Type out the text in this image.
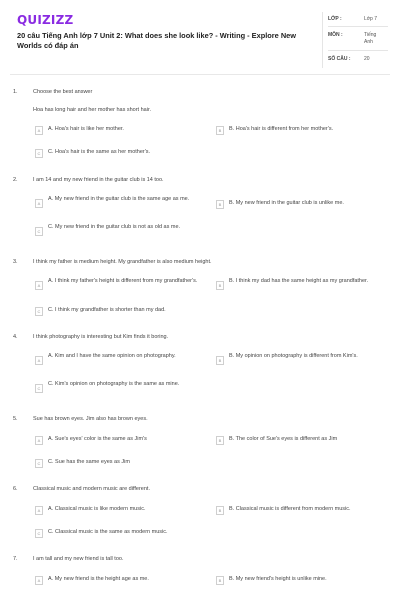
QUIZIZZ
20 câu Tiếng Anh lớp 7 Unit 2: What does she look like? - Writing - Explore New Worlds có đáp án
LỚP :	Lớp 7
MÔN :	Tiếng Anh
SỐ CÂU :	20
1.	Choose the best answer
Hoa has long hair and her mother has short hair.
A	A. Hoa's hair is like her mother.	B	B. Hoa's hair is different from her mother's.
C	C. Hoa's hair is the same as her mother's.
2.	I am 14 and my new friend in the guitar club is 14 too.
A
A. My new friend in the guitar club is the same age as me.
B	B. My new friend in the guitar club is unlike me.
C
C. My new friend in the guitar club is not as old as me.
3.	I think my father is medium height. My grandfather is also medium height.
A
A. I think my father's height is different from my grandfather's.
B
B. I think my dad has the same height as my grandfather.
C	C. I think my grandfather is shorter than my dad.
4.	I think photography is interesting but Kim finds it boring.
A
A. Kim and I have the same opinion on photography.
B
B. My opinion on photography is different from Kim's.
C
C. Kim's opinion on photography is the same as mine.
5.	Sue has brown eyes. Jim also has brown eyes.
A	A. Sue's eyes' color is the same as Jim's	B	B. The color of Sue's eyes is different as Jim
C	C. Sue has the same eyes as Jim
6.	Classical music and modern music are different.
A	A. Classical music is like modern music.	B	B. Classical music is different from modern music.
C	C. Classical music is the same as modern music.
7.	I am tall and my new friend is tall too.
A	A. My new friend is the height age as me.	B	B. My new friend's height is unlike mine.
